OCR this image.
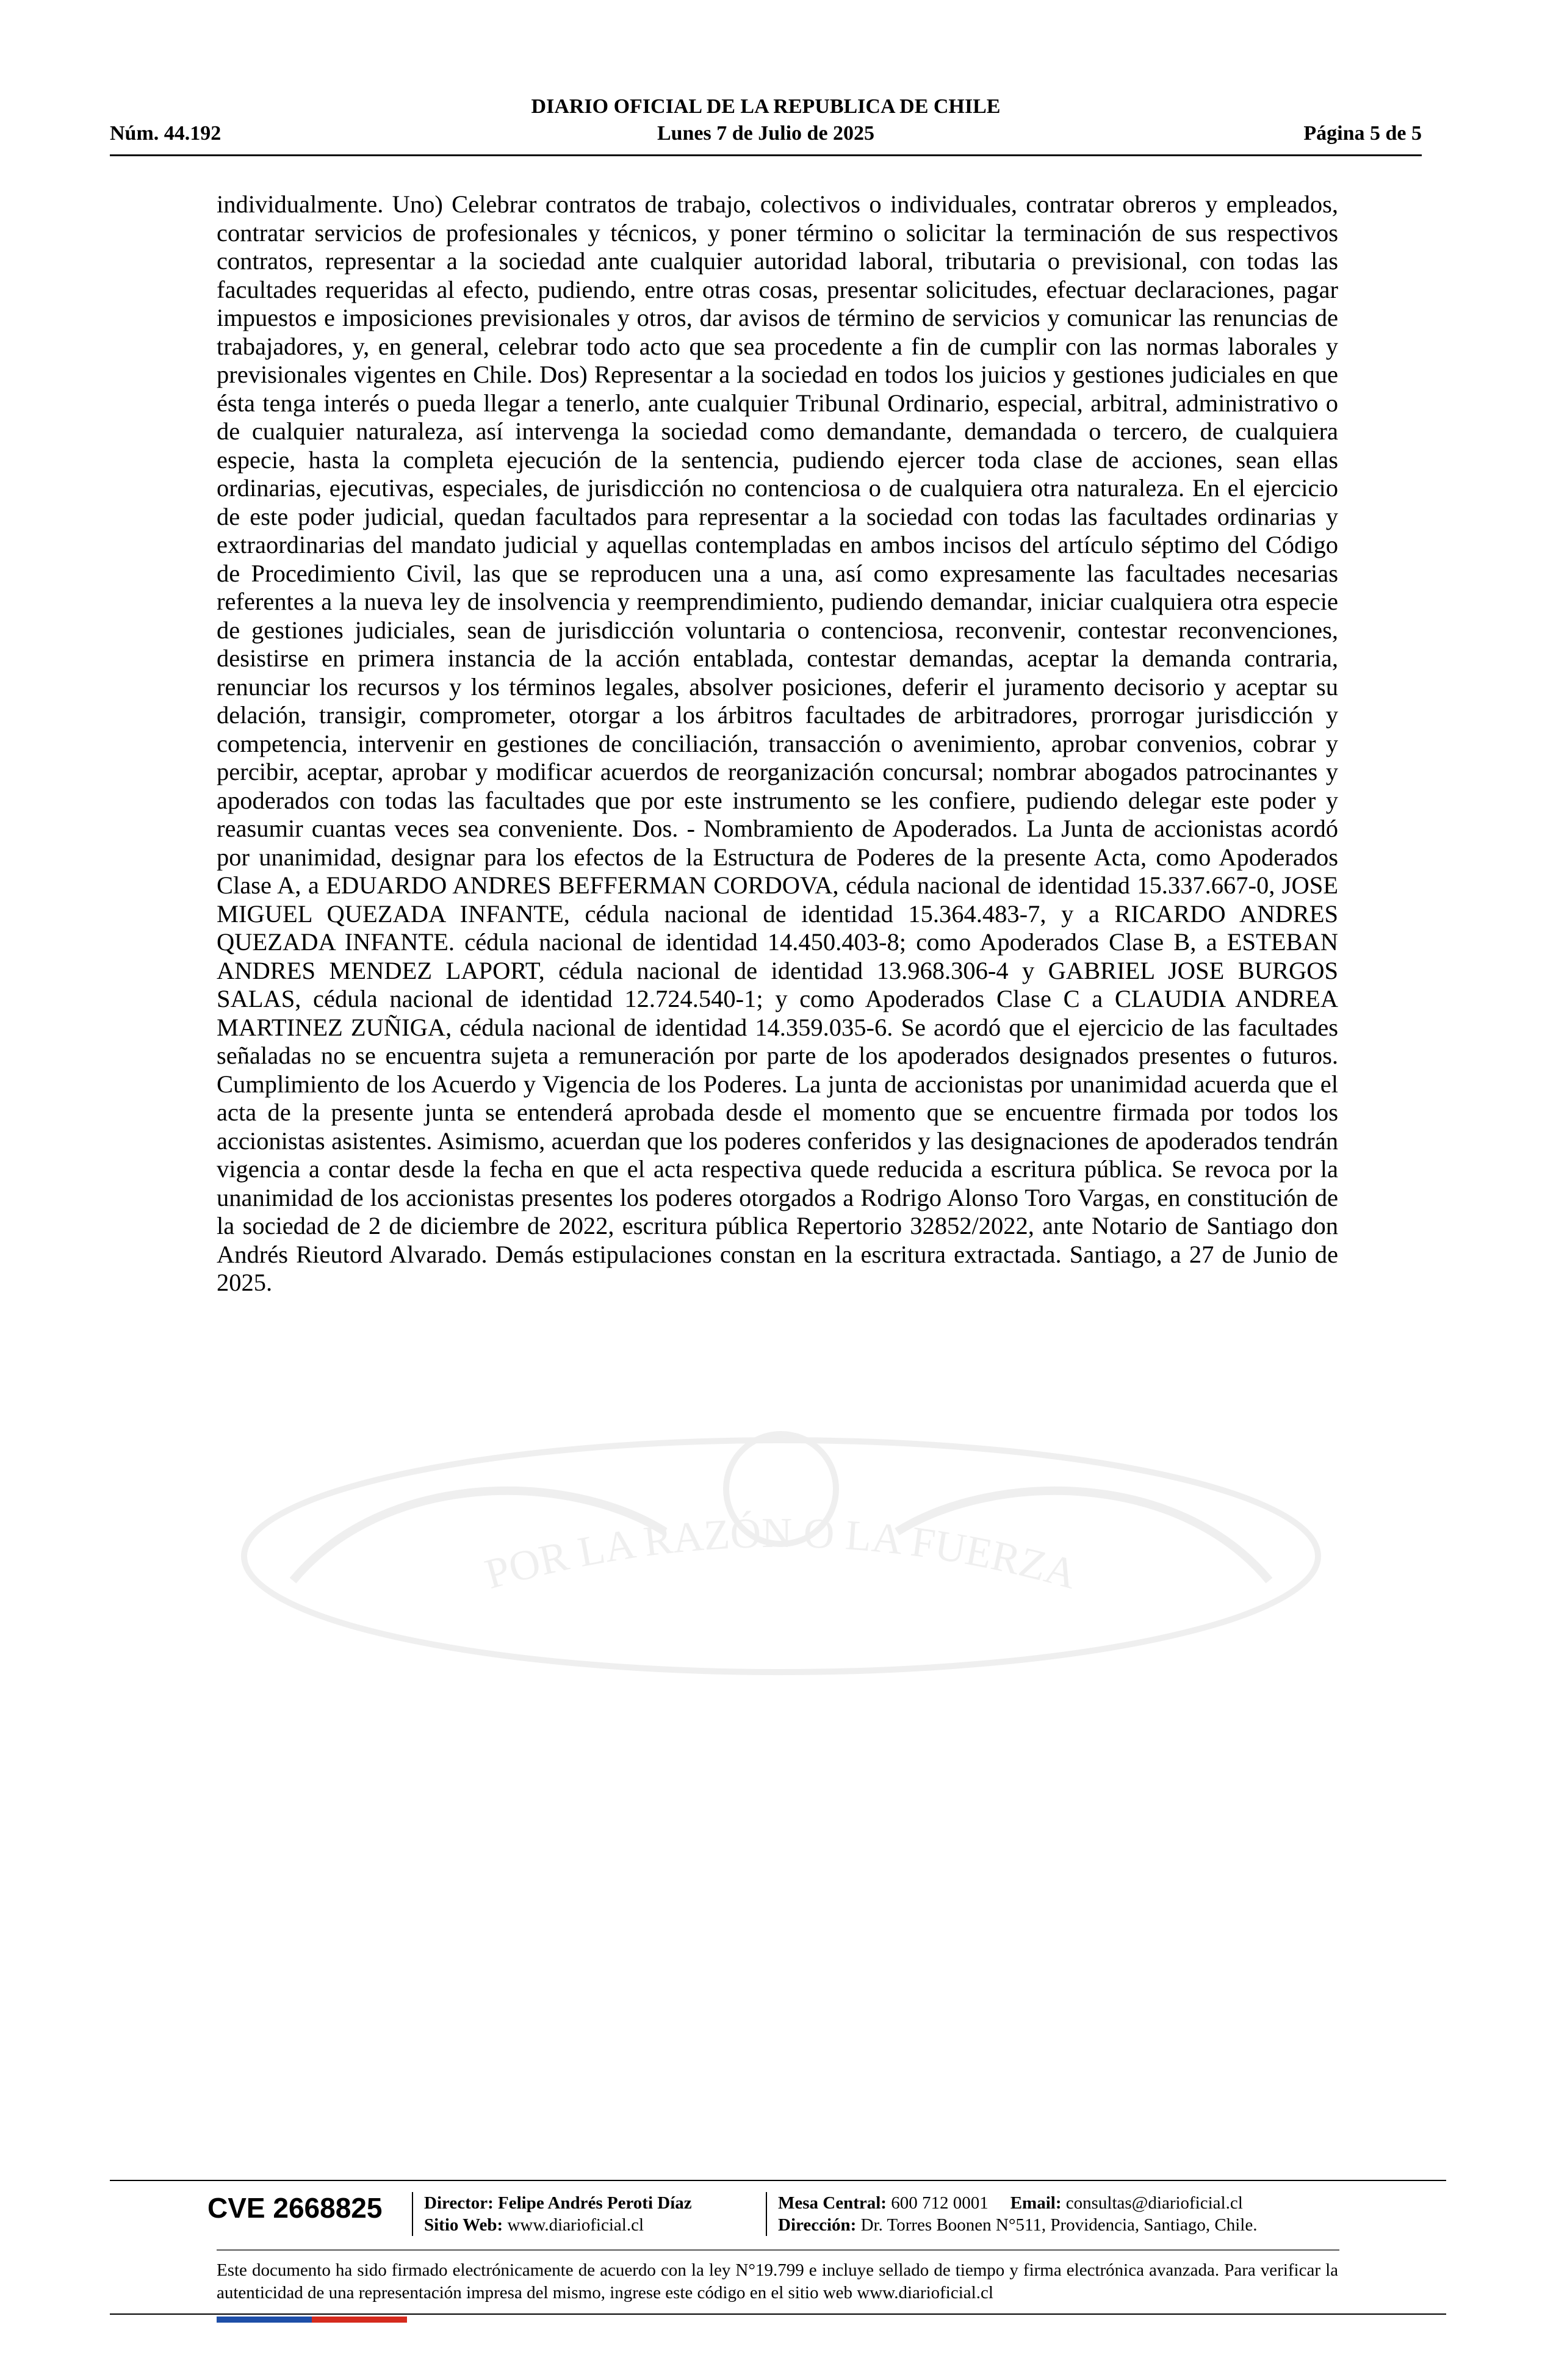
DIARIO OFICIAL DE LA REPUBLICA DE CHILE
Núm. 44.192	Lunes 7 de Julio de 2025	Página 5 de 5
individualmente. Uno) Celebrar contratos de trabajo, colectivos o individuales, contratar obreros y empleados, contratar servicios de profesionales y técnicos, y poner término o solicitar la terminación de sus respectivos contratos, representar a la sociedad ante cualquier autoridad laboral, tributaria o previsional, con todas las facultades requeridas al efecto, pudiendo, entre otras cosas, presentar solicitudes, efectuar declaraciones, pagar impuestos e imposiciones previsionales y otros, dar avisos de término de servicios y comunicar las renuncias de trabajadores, y, en general, celebrar todo acto que sea procedente a fin de cumplir con las normas laborales y previsionales vigentes en Chile. Dos) Representar a la sociedad en todos los juicios y gestiones judiciales en que ésta tenga interés o pueda llegar a tenerlo, ante cualquier Tribunal Ordinario, especial, arbitral, administrativo o de cualquier naturaleza, así intervenga la sociedad como demandante, demandada o tercero, de cualquiera especie, hasta la completa ejecución de la sentencia, pudiendo ejercer toda clase de acciones, sean ellas ordinarias, ejecutivas, especiales, de jurisdicción no contenciosa o de cualquiera otra naturaleza. En el ejercicio de este poder judicial, quedan facultados para representar a la sociedad con todas las facultades ordinarias y extraordinarias del mandato judicial y aquellas contempladas en ambos incisos del artículo séptimo del Código de Procedimiento Civil, las que se reproducen una a una, así como expresamente las facultades necesarias referentes a la nueva ley de insolvencia y reemprendimiento, pudiendo demandar, iniciar cualquiera otra especie de gestiones judiciales, sean de jurisdicción voluntaria o contenciosa, reconvenir, contestar reconvenciones, desistirse en primera instancia de la acción entablada, contestar demandas, aceptar la demanda contraria, renunciar los recursos y los términos legales, absolver posiciones, deferir el juramento decisorio y aceptar su delación, transigir, comprometer, otorgar a los árbitros facultades de arbitradores, prorrogar jurisdicción y competencia, intervenir en gestiones de conciliación, transacción o avenimiento, aprobar convenios, cobrar y percibir, aceptar, aprobar y modificar acuerdos de reorganización concursal; nombrar abogados patrocinantes y apoderados con todas las facultades que por este instrumento se les confiere, pudiendo delegar este poder y reasumir cuantas veces sea conveniente. Dos. - Nombramiento de Apoderados. La Junta de accionistas acordó por unanimidad, designar para los efectos de la Estructura de Poderes de la presente Acta, como Apoderados Clase A, a EDUARDO ANDRES BEFFERMAN CORDOVA, cédula nacional de identidad 15.337.667-0, JOSE MIGUEL QUEZADA INFANTE, cédula nacional de identidad 15.364.483-7, y a RICARDO ANDRES QUEZADA INFANTE. cédula nacional de identidad 14.450.403-8; como Apoderados Clase B, a ESTEBAN ANDRES MENDEZ LAPORT, cédula nacional de identidad 13.968.306-4 y GABRIEL JOSE BURGOS SALAS, cédula nacional de identidad 12.724.540-1; y como Apoderados Clase C a CLAUDIA ANDREA MARTINEZ ZUÑIGA, cédula nacional de identidad 14.359.035-6. Se acordó que el ejercicio de las facultades señaladas no se encuentra sujeta a remuneración por parte de los apoderados designados presentes o futuros. Cumplimiento de los Acuerdo y Vigencia de los Poderes. La junta de accionistas por unanimidad acuerda que el acta de la presente junta se entenderá aprobada desde el momento que se encuentre firmada por todos los accionistas asistentes. Asimismo, acuerdan que los poderes conferidos y las designaciones de apoderados tendrán vigencia a contar desde la fecha en que el acta respectiva quede reducida a escritura pública. Se revoca por la unanimidad de los accionistas presentes los poderes otorgados a Rodrigo Alonso Toro Vargas, en constitución de la sociedad de 2 de diciembre de 2022, escritura pública Repertorio 32852/2022, ante Notario de Santiago don Andrés Rieutord Alvarado. Demás estipulaciones constan en la escritura extractada. Santiago, a 27 de Junio de 2025.
POR LA RAZÓN O LA FUERZA
CVE 2668825	Director: Felipe Andrés Peroti Díaz
Sitio Web: www.diarioficial.cl
Mesa Central: 600 712 0001 Email: consultas@diarioficial.cl
Dirección: Dr. Torres Boonen N°511, Providencia, Santiago, Chile.
Este documento ha sido firmado electrónicamente de acuerdo con la ley N°19.799 e incluye sellado de tiempo y firma electrónica avanzada. Para verificar la autenticidad de una representación impresa del mismo, ingrese este código en el sitio web www.diarioficial.cl
